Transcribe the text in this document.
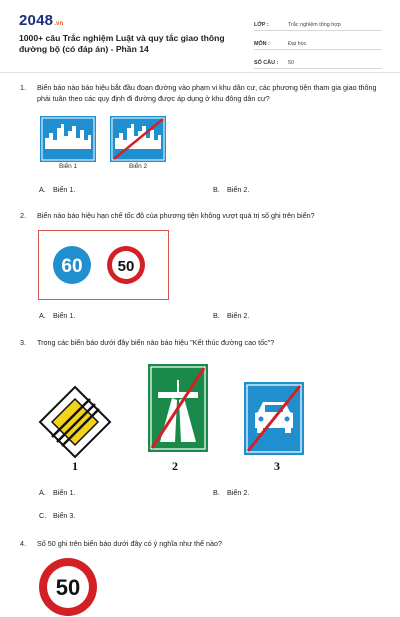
2048.vn
1000+ câu Trắc nghiệm Luật và quy tắc giao thông đường bộ (có đáp án) - Phần 14
LỚP :	Trắc nghiệm tổng hợp
MÔN :	Đại học
SỐ CÂU :	50
1. Biển báo nào báo hiệu bắt đầu đoạn đường vào phạm vi khu dân cư, các phương tiện tham gia giao thông phải tuân theo các quy định đi đường được áp dụng ở khu đông dân cư?
Biển 1	Biển 2
A. Biển 1.	B. Biển 2.
2. Biển nào báo hiệu hạn chế tốc độ của phương tiện không vượt quá trị số ghi trên biển?
60 50
A. Biển 1.	B. Biển 2.
3. Trong các biển báo dưới đây biển nào báo hiệu "Kết thúc đường cao tốc"?
1	2	3
A. Biển 1.	B. Biển 2.
C. Biển 3.
4. Số 50 ghi trên biển báo dưới đây có ý nghĩa như thế nào?
50
